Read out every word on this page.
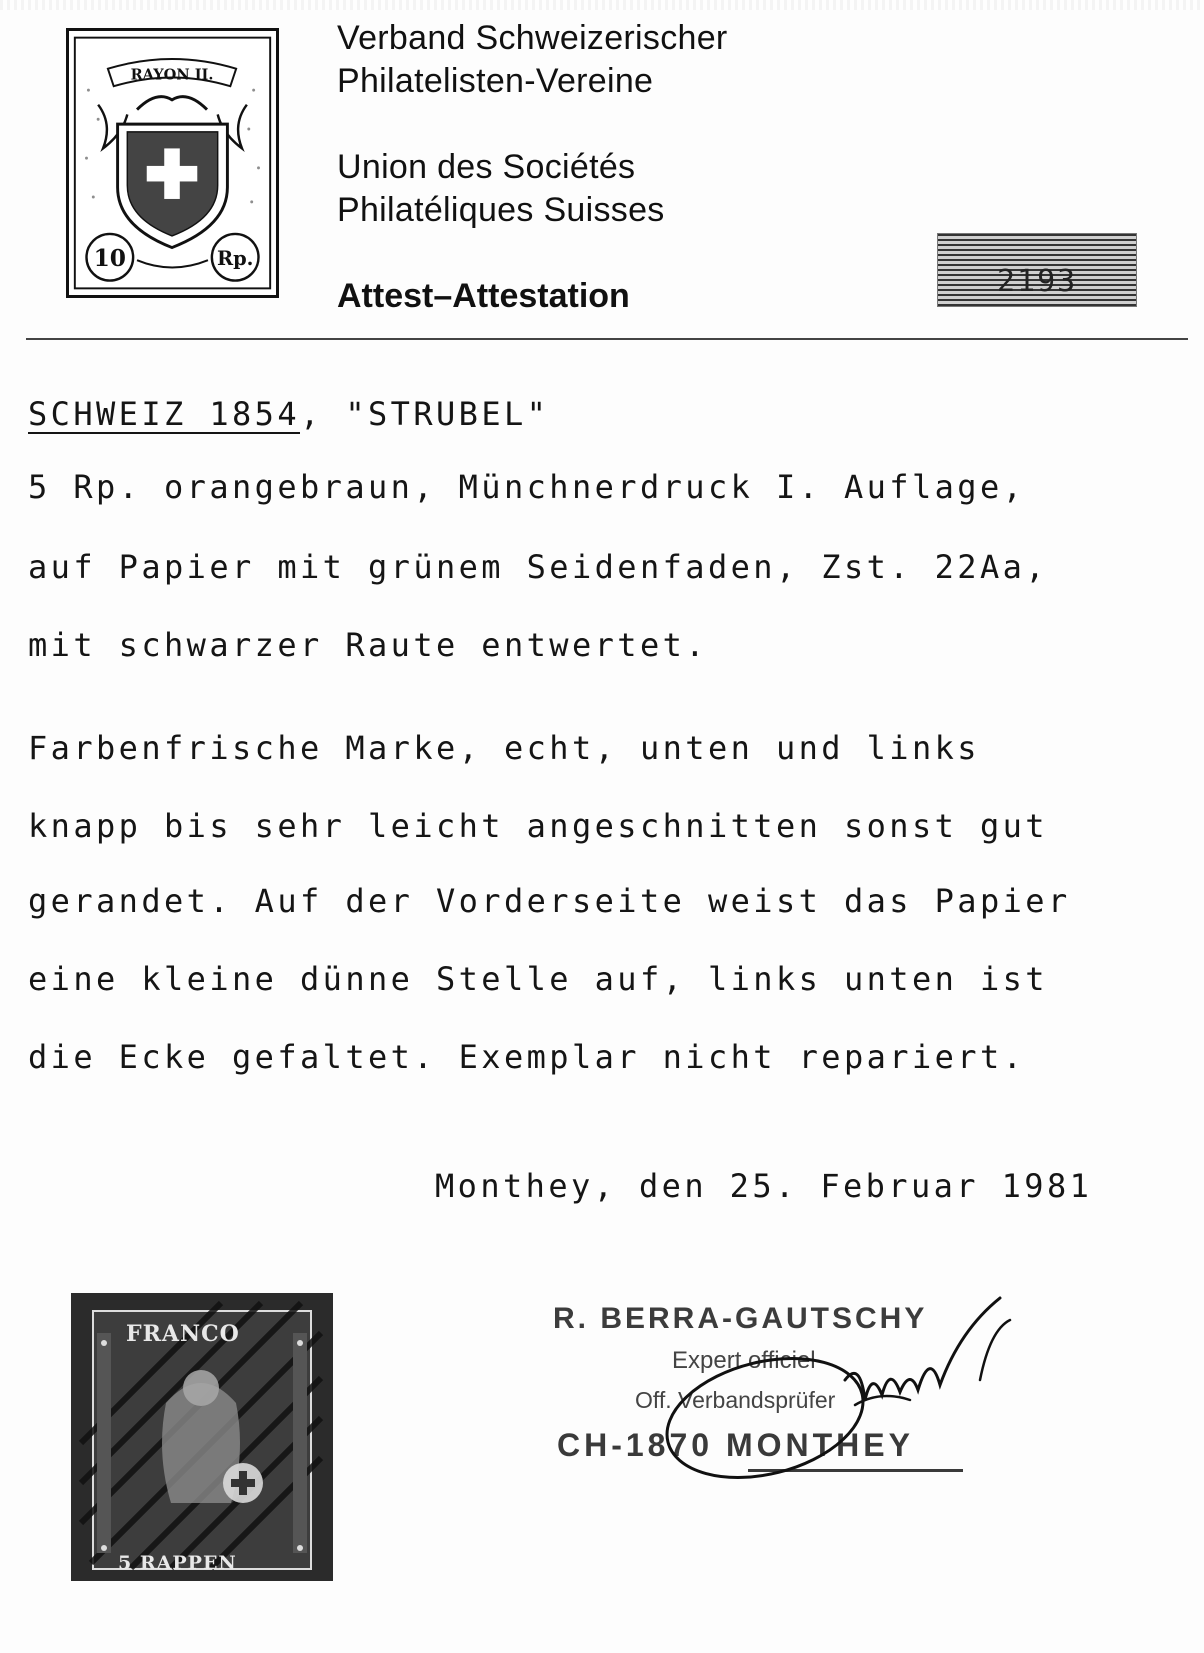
RAYON II.
10	Rp.
Verband Schweizerischer
Philatelisten-Vereine
Union des Sociétés
Philatéliques Suisses
Attest–Attestation	2193
SCHWEIZ 1854, "STRUBEL"
5 Rp. orangebraun, Münchnerdruck I. Auflage,
auf Papier mit grünem Seidenfaden, Zst. 22Aa,
mit schwarzer Raute entwertet.
Farbenfrische Marke, echt, unten und links
knapp bis sehr leicht angeschnitten sonst gut
gerandet. Auf der Vorderseite weist das Papier
eine kleine dünne Stelle auf, links unten ist
die Ecke gefaltet. Exemplar nicht repariert.
Monthey, den 25. Februar 1981
FRANCO
5 RAPPEN
R. BERRA-GAUTSCHY
Expert officiel
Off. Verbandsprüfer
CH-1870 MONTHEY
